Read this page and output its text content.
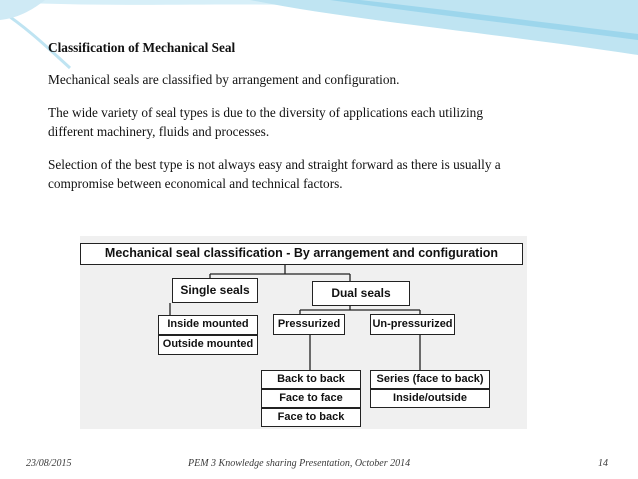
Classification of Mechanical Seal

Mechanical seals are classified by arrangement and configuration.

The wide variety of seal types is due to the diversity of applications each utilizing different machinery, fluids and processes.

Selection of the best type is not always easy and straight forward as there is usually a compromise between economical and technical factors.

Mechanical seal classification - By arrangement and configuration
Single seals	Dual seals
Inside mounted
Outside mounted
Pressurized	Un-pressurized
Back to back
Face to face
Face to back
Series (face to back)
Inside/outside
23/08/2015	PEM 3 Knowledge sharing Presentation, October 2014	14
